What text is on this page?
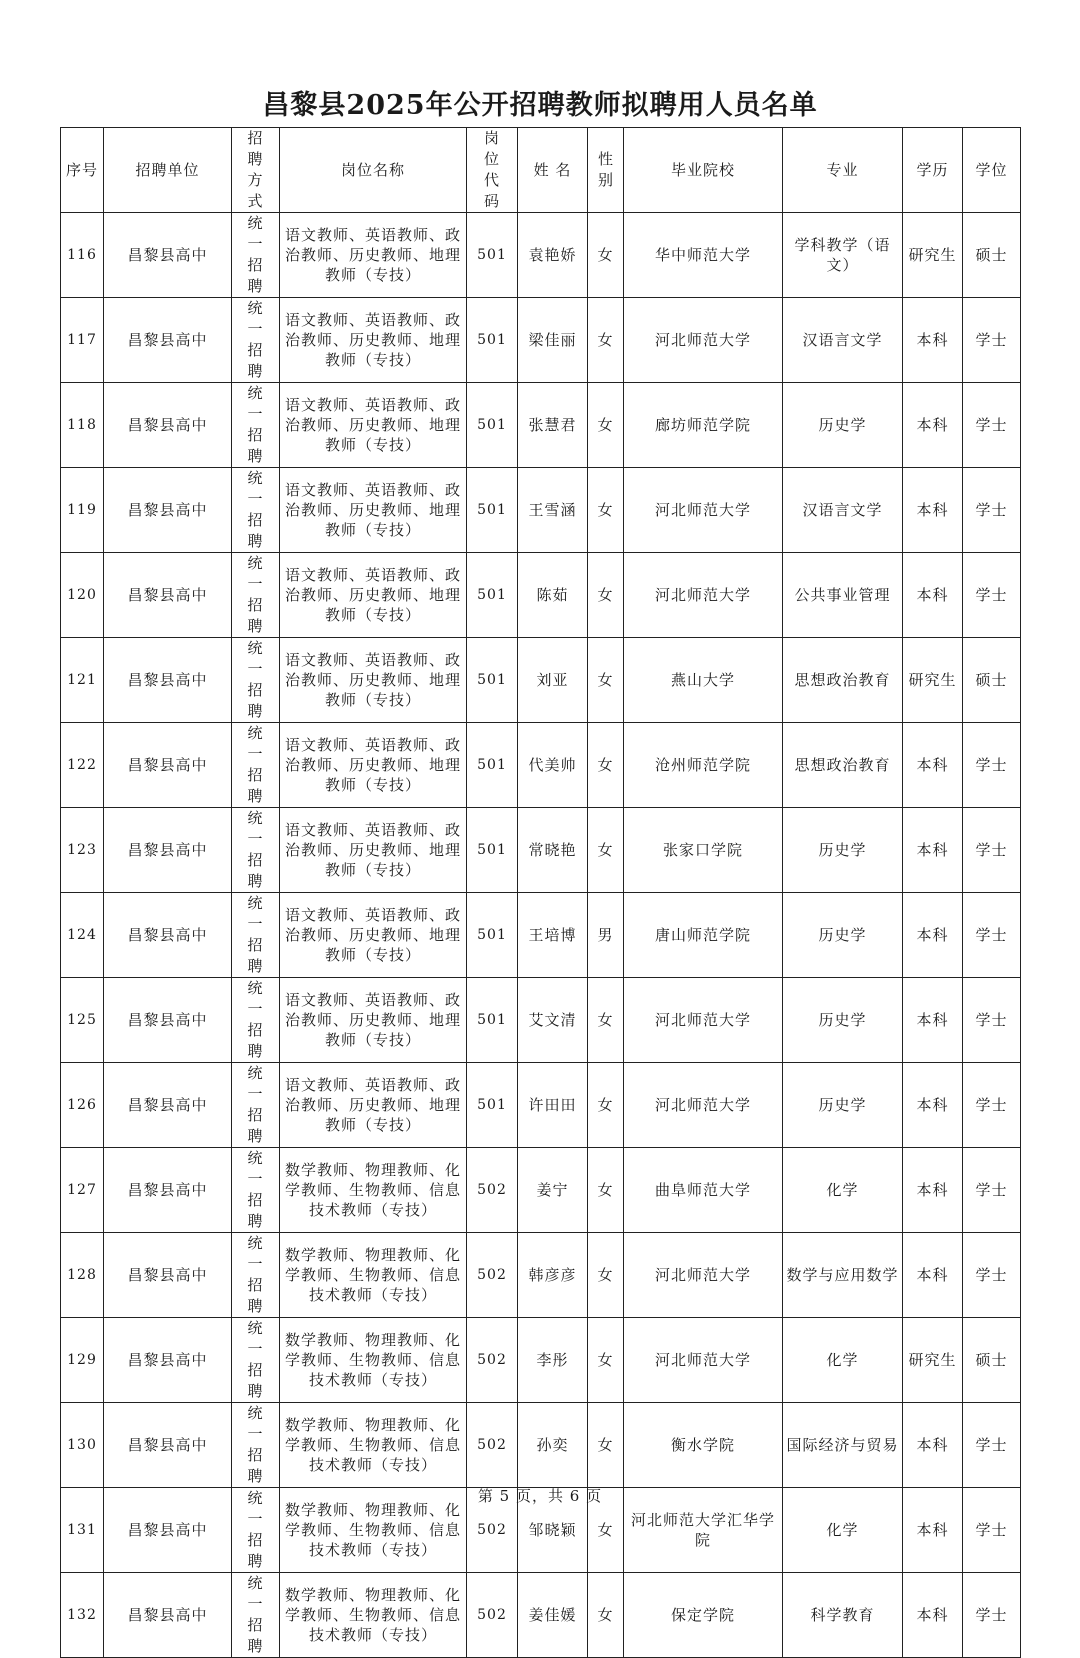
昌黎县2025年公开招聘教师拟聘用人员名单
序号	招聘单位	招聘方式	岗位名称	岗位代码	姓 名	性别	毕业院校	专业	学历	学位
116	昌黎县高中	统一招聘	语文教师、英语教师、政治教师、历史教师、地理教师（专技）	501	袁艳娇	女	华中师范大学	学科教学（语文）	研究生	硕士
117	昌黎县高中	统一招聘	语文教师、英语教师、政治教师、历史教师、地理教师（专技）	501	梁佳丽	女	河北师范大学	汉语言文学	本科	学士
118	昌黎县高中	统一招聘	语文教师、英语教师、政治教师、历史教师、地理教师（专技）	501	张慧君	女	廊坊师范学院	历史学	本科	学士
119	昌黎县高中	统一招聘	语文教师、英语教师、政治教师、历史教师、地理教师（专技）	501	王雪涵	女	河北师范大学	汉语言文学	本科	学士
120	昌黎县高中	统一招聘	语文教师、英语教师、政治教师、历史教师、地理教师（专技）	501	陈茹	女	河北师范大学	公共事业管理	本科	学士
121	昌黎县高中	统一招聘	语文教师、英语教师、政治教师、历史教师、地理教师（专技）	501	刘亚	女	燕山大学	思想政治教育	研究生	硕士
122	昌黎县高中	统一招聘	语文教师、英语教师、政治教师、历史教师、地理教师（专技）	501	代美帅	女	沧州师范学院	思想政治教育	本科	学士
123	昌黎县高中	统一招聘	语文教师、英语教师、政治教师、历史教师、地理教师（专技）	501	常晓艳	女	张家口学院	历史学	本科	学士
124	昌黎县高中	统一招聘	语文教师、英语教师、政治教师、历史教师、地理教师（专技）	501	王培博	男	唐山师范学院	历史学	本科	学士
125	昌黎县高中	统一招聘	语文教师、英语教师、政治教师、历史教师、地理教师（专技）	501	艾文清	女	河北师范大学	历史学	本科	学士
126	昌黎县高中	统一招聘	语文教师、英语教师、政治教师、历史教师、地理教师（专技）	501	许田田	女	河北师范大学	历史学	本科	学士
127	昌黎县高中	统一招聘	数学教师、物理教师、化学教师、生物教师、信息技术教师（专技）	502	姜宁	女	曲阜师范大学	化学	本科	学士
128	昌黎县高中	统一招聘	数学教师、物理教师、化学教师、生物教师、信息技术教师（专技）	502	韩彦彦	女	河北师范大学	数学与应用数学	本科	学士
129	昌黎县高中	统一招聘	数学教师、物理教师、化学教师、生物教师、信息技术教师（专技）	502	李彤	女	河北师范大学	化学	研究生	硕士
130	昌黎县高中	统一招聘	数学教师、物理教师、化学教师、生物教师、信息技术教师（专技）	502	孙奕	女	衡水学院	国际经济与贸易	本科	学士
131	昌黎县高中	统一招聘	数学教师、物理教师、化学教师、生物教师、信息技术教师（专技）	502	邹晓颖	女	河北师范大学汇华学院	化学	本科	学士
132	昌黎县高中	统一招聘	数学教师、物理教师、化学教师、生物教师、信息技术教师（专技）	502	姜佳媛	女	保定学院	科学教育	本科	学士
第 5 页，共 6 页
